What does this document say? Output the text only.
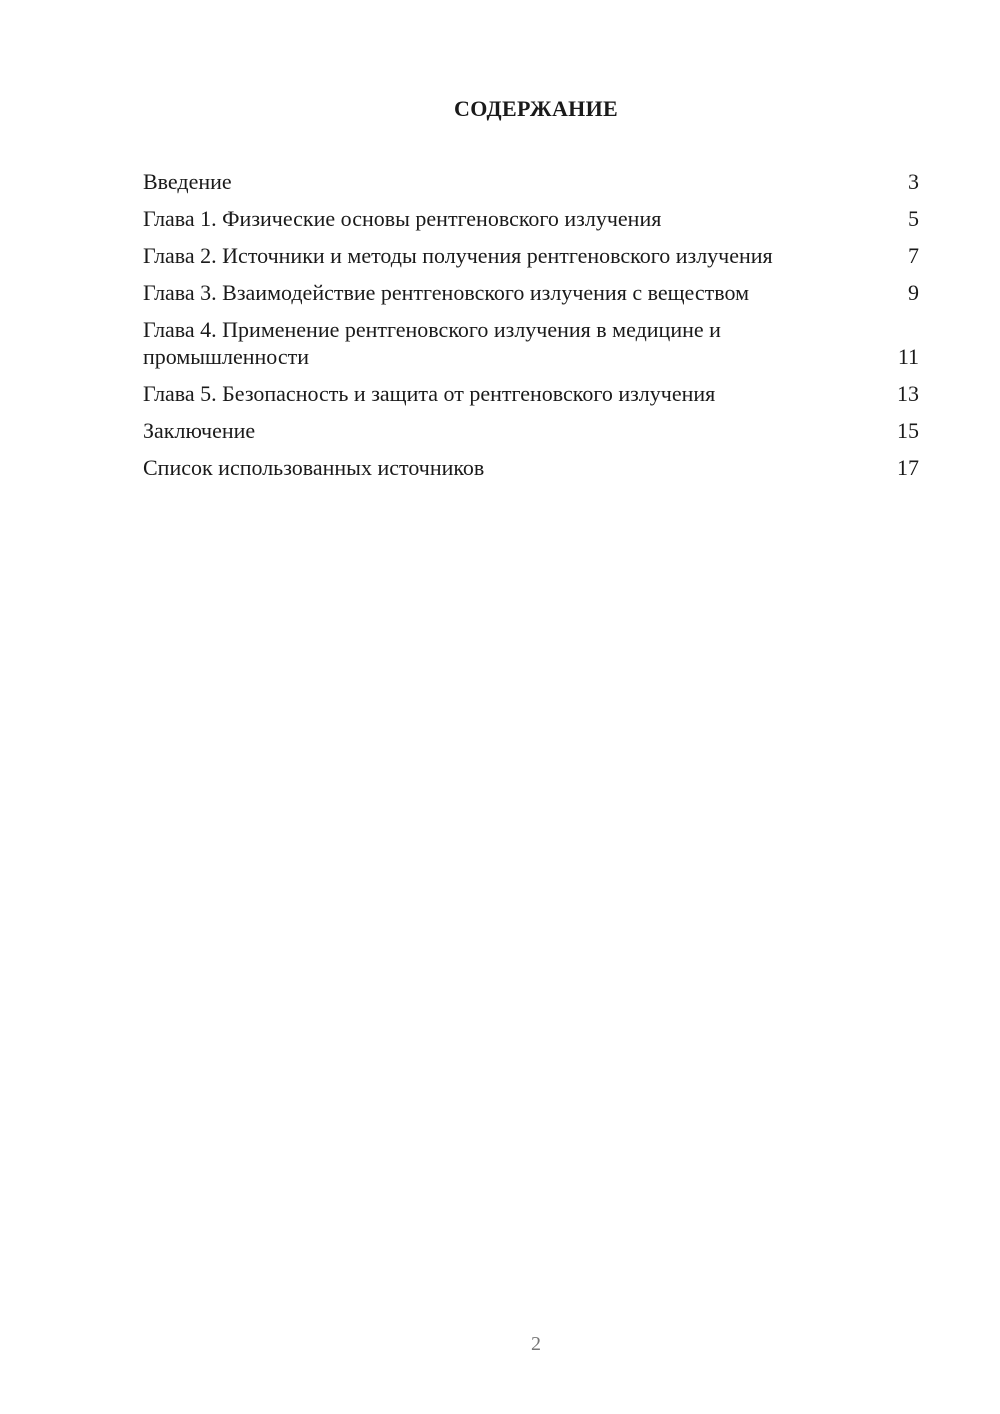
СОДЕРЖАНИЕ
Введение	3
Глава 1. Физические основы рентгеновского излучения	5
Глава 2. Источники и методы получения рентгеновского излучения	7
Глава 3. Взаимодействие рентгеновского излучения с веществом	9
Глава 4. Применение рентгеновского излучения в медицине и промышленности	11
Глава 5. Безопасность и защита от рентгеновского излучения	13
Заключение	15
Список использованных источников	17
2
